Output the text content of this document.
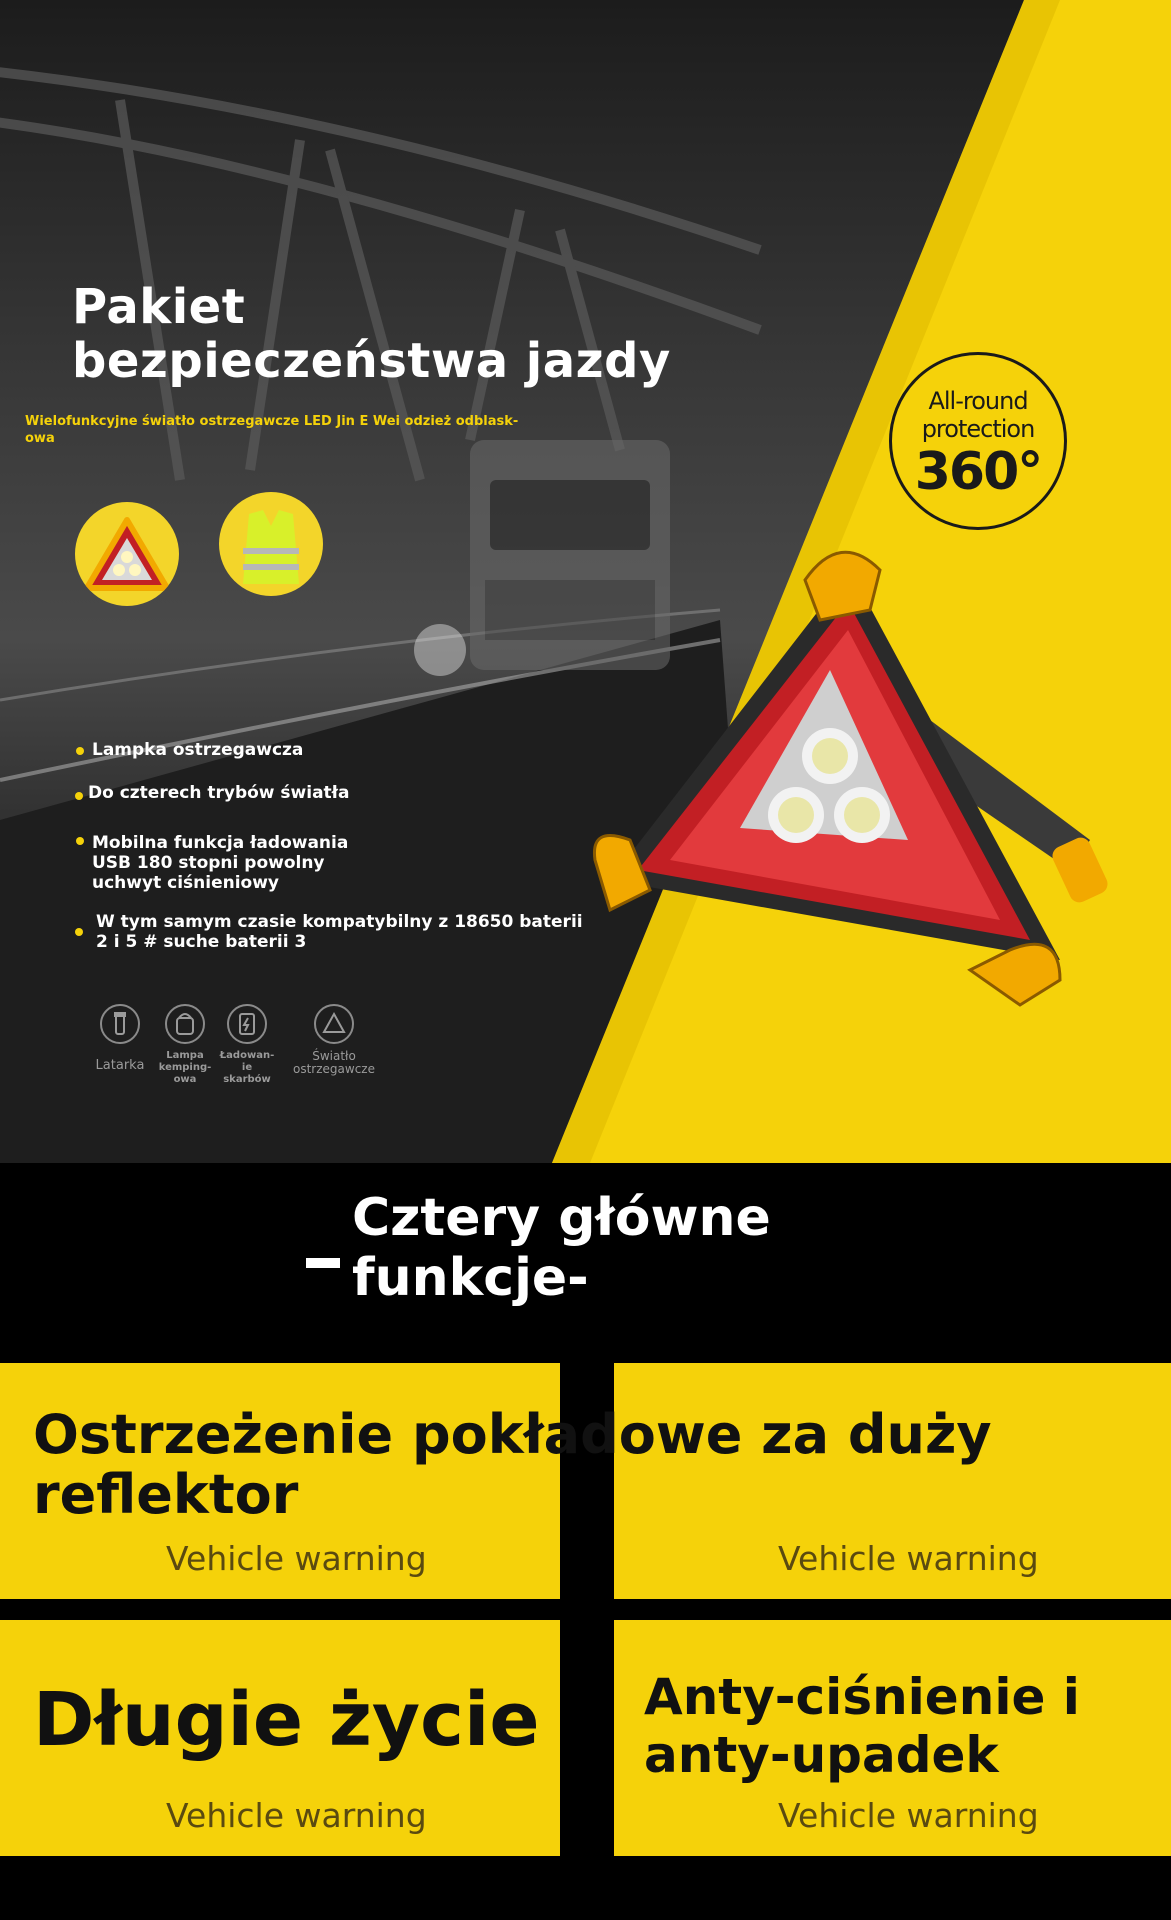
Pakiet bezpieczeństwa jazdy
Wielofunkcyjne światło ostrzegawcze LED Jin E Wei odzież odblask-owa
Lampka ostrzegawcza
Do czterech trybów światła
Mobilna funkcja ładowania USB 180 stopni powolny uchwyt ciśnieniowy
W tym samym czasie kompatybilny z 18650 baterii 2 i 5 # suche baterii 3
Latarka
Lampa kemping-owa
Ładowan-ie skarbów
Światło ostrzegawcze
All-round
protection
360°
Cztery główne funkcje-
Vehicle warning	Vehicle warning
Ostrzeżenie pokładowe za duży reflektor
Długie życie
Vehicle warning
Anty-ciśnienie i anty-upadek
Vehicle warning
